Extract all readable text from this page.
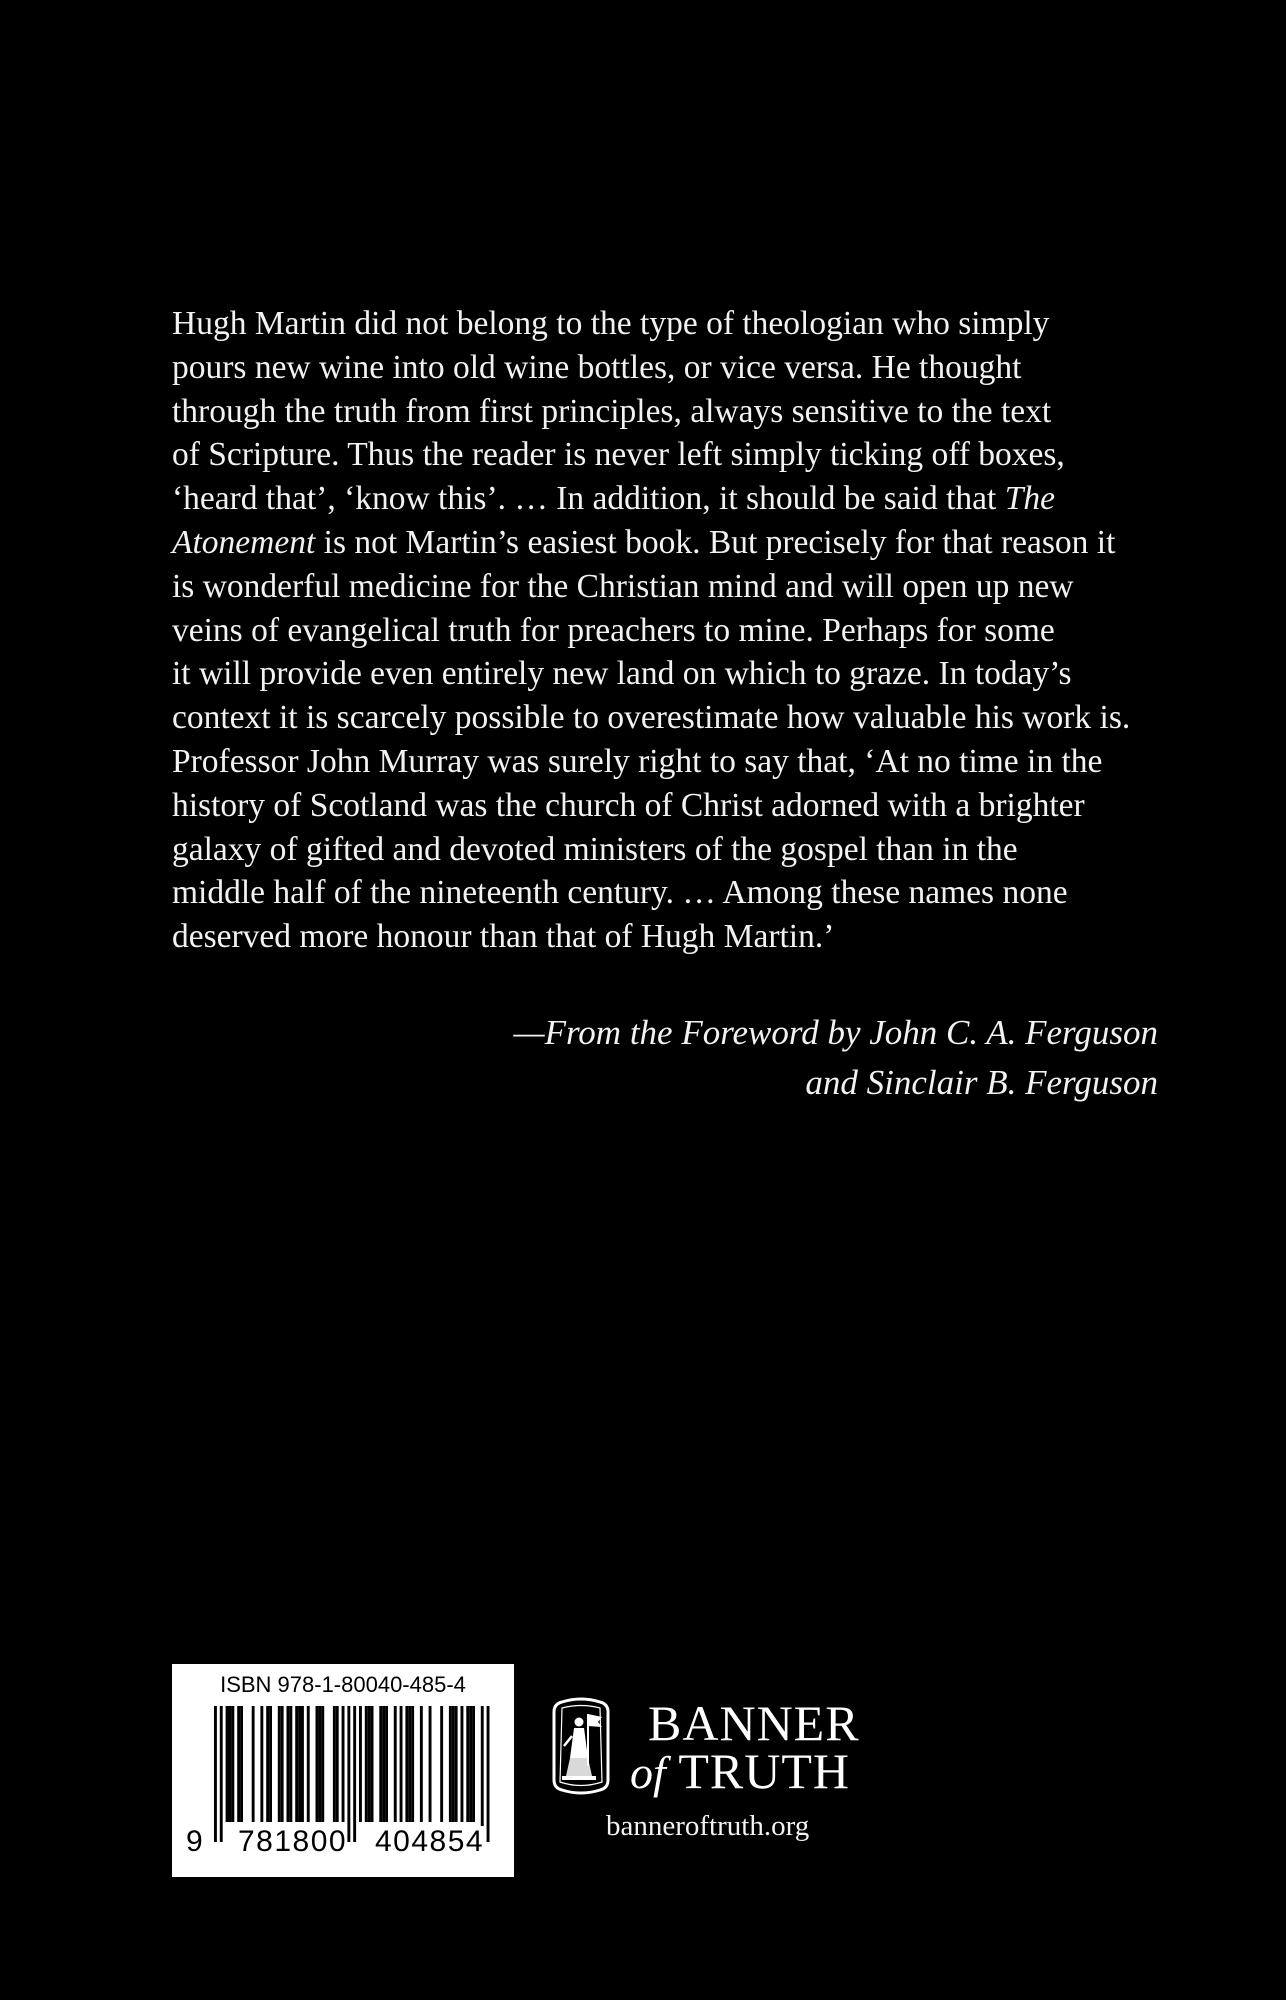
Hugh Martin did not belong to the type of theologian who simply
pours new wine into old wine bottles, or vice versa. He thought
through the truth from first principles, always sensitive to the text
of Scripture. Thus the reader is never left simply ticking off boxes,
‘heard that’, ‘know this’. … In addition, it should be said that The
Atonement is not Martin’s easiest book. But precisely for that reason it
is wonderful medicine for the Christian mind and will open up new
veins of evangelical truth for preachers to mine. Perhaps for some
it will provide even entirely new land on which to graze. In today’s
context it is scarcely possible to overestimate how valuable his work is.
Professor John Murray was surely right to say that, ‘At no time in the
history of Scotland was the church of Christ adorned with a brighter
galaxy of gifted and devoted ministers of the gospel than in the
middle half of the nineteenth century. … Among these names none
deserved more honour than that of Hugh Martin.’
—From the Foreword by John C. A. Ferguson
and Sinclair B. Ferguson
ISBN 978-1-80040-485-4
9 781800 404854
BANNER
of TRUTH
banneroftruth.org
